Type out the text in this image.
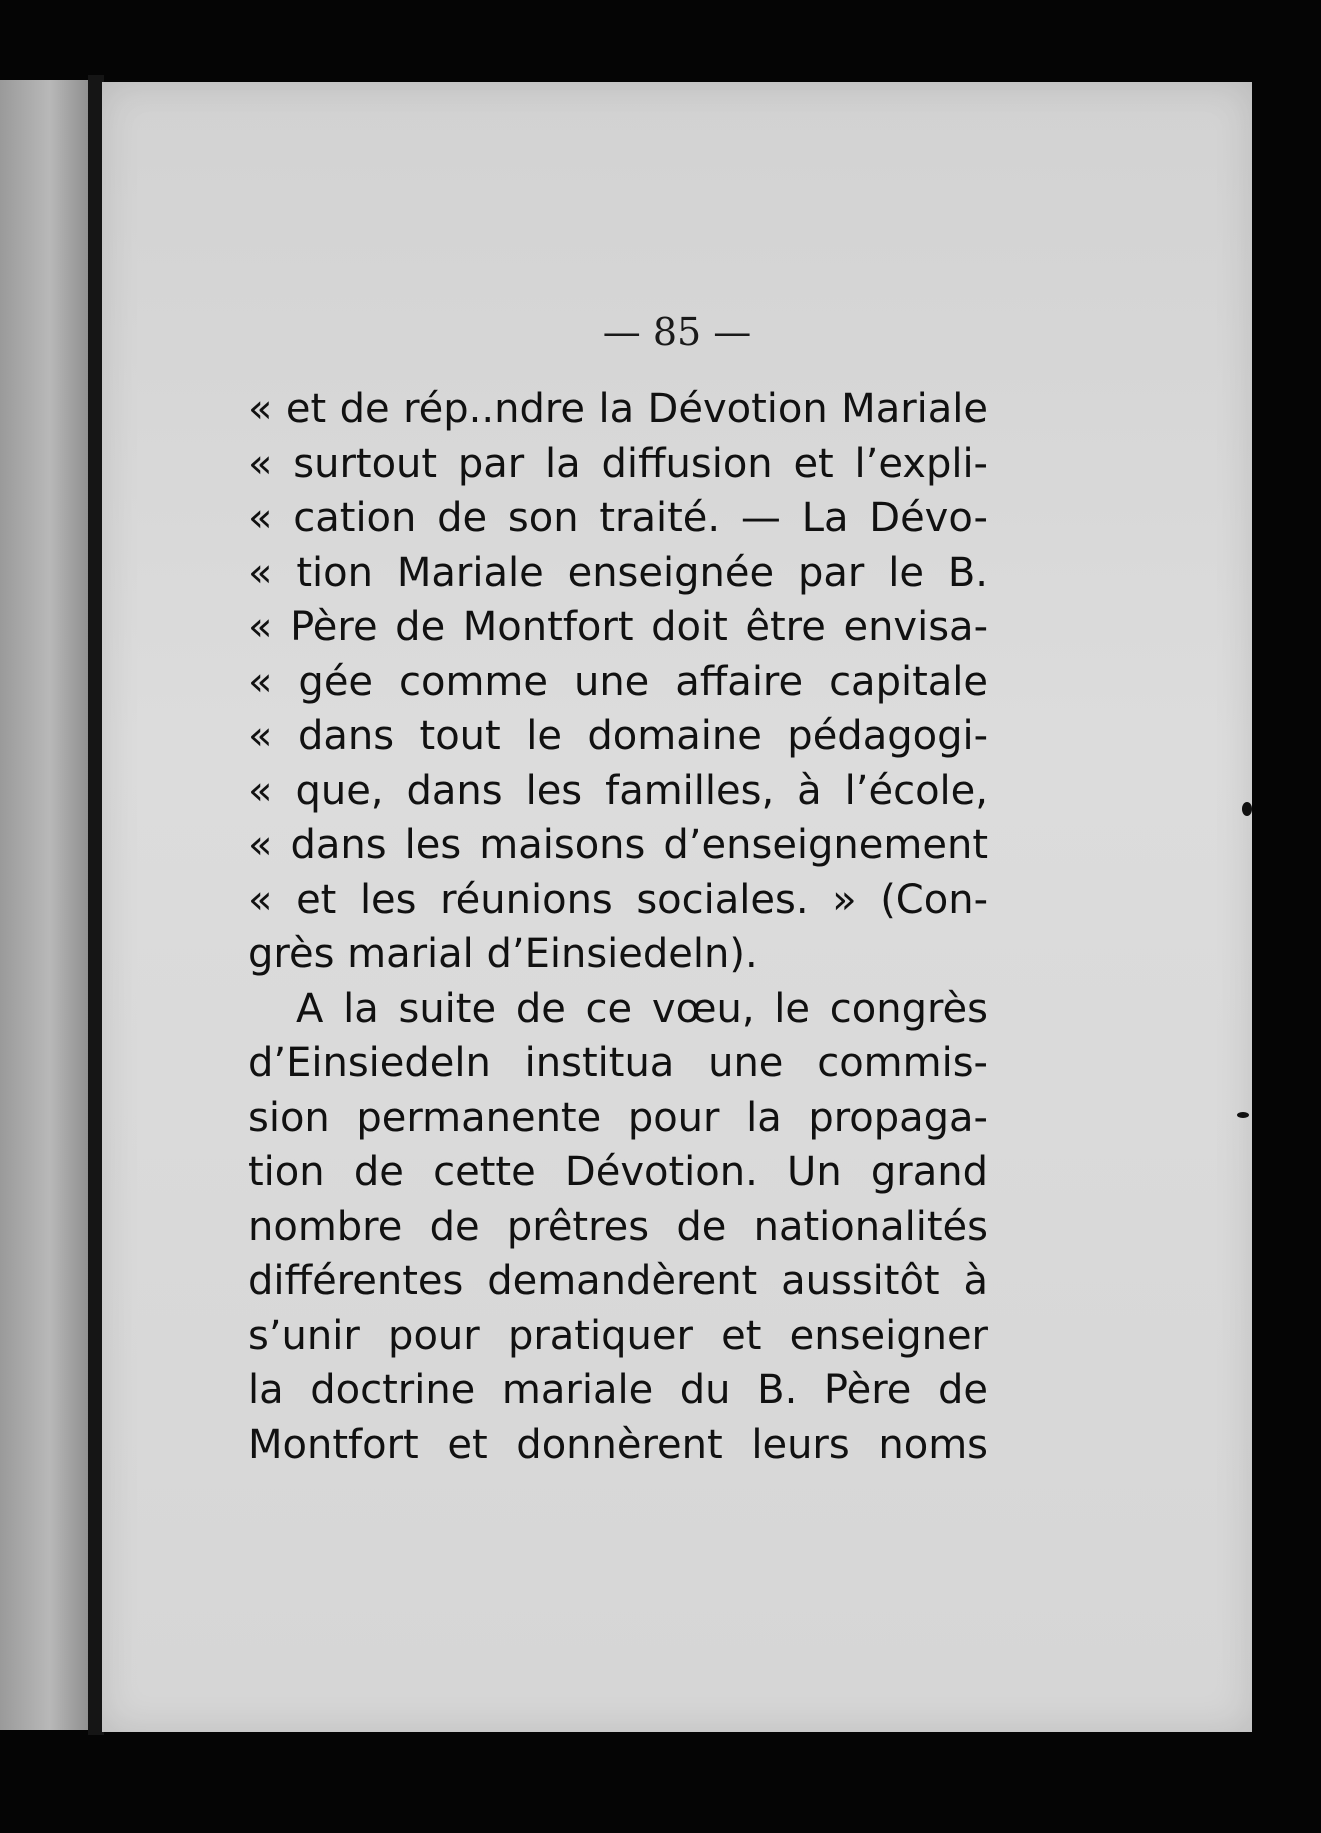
— 85 —
« et de rép..ndre la Dévotion Mariale
« surtout par la diffusion et l’expli-
« cation de son traité. — La Dévo-
« tion Mariale enseignée par le B.
« Père de Montfort doit être envisa-
« gée comme une affaire capitale
« dans tout le domaine pédagogi-
« que, dans les familles, à l’école,
« dans les maisons d’enseignement
« et les réunions sociales. » (Con-
grès marial d’Einsiedeln).
A la suite de ce vœu, le congrès
d’Einsiedeln institua une commis-
sion permanente pour la propaga-
tion de cette Dévotion. Un grand
nombre de prêtres de nationalités
différentes demandèrent aussitôt à
s’unir pour pratiquer et enseigner
la doctrine mariale du B. Père de
Montfort et donnèrent leurs noms
